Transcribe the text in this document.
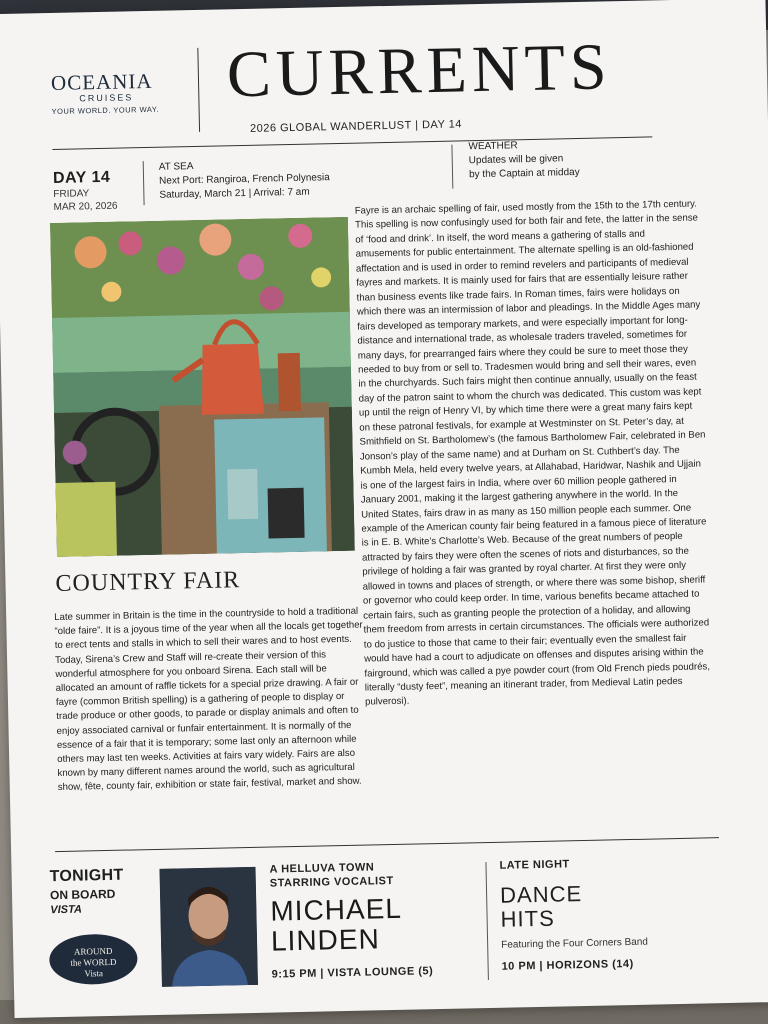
OCEANIA
CRUISES
YOUR WORLD. YOUR WAY. CURRENTS
2026 GLOBAL WANDERLUST | DAY 14
DAY 14
FRIDAY
MAR 20, 2026
AT SEA
Next Port: Rangiroa, French Polynesia
Saturday, March 21 | Arrival: 7 am
WEATHER
Updates will be given
by the Captain at midday
COUNTRY FAIR
Late summer in Britain is the time in the countryside to hold a traditional “olde faire”. It is a joyous time of the year when all the locals get together to erect tents and stalls in which to sell their wares and to host events. Today, Sirena’s Crew and Staff will re-create their version of this wonderful atmosphere for you onboard Sirena. Each stall will be allocated an amount of raffle tickets for a special prize drawing. A fair or fayre (common British spelling) is a gathering of people to display or trade produce or other goods, to parade or display animals and often to enjoy associated carnival or funfair entertainment. It is normally of the essence of a fair that it is temporary; some last only an afternoon while others may last ten weeks. Activities at fairs vary widely. Fairs are also known by many different names around the world, such as agricultural show, fête, county fair, exhibition or state fair, festival, market and show.
Fayre is an archaic spelling of fair, used mostly from the 15th to the 17th century. This spelling is now confusingly used for both fair and fete, the latter in the sense of ‘food and drink’. In itself, the word means a gathering of stalls and amusements for public entertainment. The alternate spelling is an old-fashioned affectation and is used in order to remind revelers and participants of medieval fayres and markets. It is mainly used for fairs that are essentially leisure rather than business events like trade fairs. In Roman times, fairs were holidays on which there was an intermission of labor and pleadings. In the Middle Ages many fairs developed as temporary markets, and were especially important for long-distance and international trade, as wholesale traders traveled, sometimes for many days, for prearranged fairs where they could be sure to meet those they needed to buy from or sell to. Tradesmen would bring and sell their wares, even in the churchyards. Such fairs might then continue annually, usually on the feast day of the patron saint to whom the church was dedicated. This custom was kept up until the reign of Henry VI, by which time there were a great many fairs kept on these patronal festivals, for example at Westminster on St. Peter’s day, at Smithfield on St. Bartholomew’s (the famous Bartholomew Fair, celebrated in Ben Jonson’s play of the same name) and at Durham on St. Cuthbert’s day. The Kumbh Mela, held every twelve years, at Allahabad, Haridwar, Nashik and Ujjain is one of the largest fairs in India, where over 60 million people gathered in January 2001, making it the largest gathering anywhere in the world. In the United States, fairs draw in as many as 150 million people each summer. One example of the American county fair being featured in a famous piece of literature is in E. B. White’s Charlotte’s Web. Because of the great numbers of people attracted by fairs they were often the scenes of riots and disturbances, so the privilege of holding a fair was granted by royal charter. At first they were only allowed in towns and places of strength, or where there was some bishop, sheriff or governor who could keep order. In time, various benefits became attached to certain fairs, such as granting people the protection of a holiday, and allowing them freedom from arrests in certain circumstances. The officials were authorized to do justice to those that came to their fair; eventually even the smallest fair would have had a court to adjudicate on offenses and disputes arising within the fairground, which was called a pye powder court (from Old French pieds poudrés, literally “dusty feet”, meaning an itinerant trader, from Medieval Latin pedes pulverosi).
TONIGHT
ON BOARD
VISTA
AROUND
the WORLD
Vista
A HELLUVA TOWN
STARRING VOCALIST
MICHAEL
LINDEN
9:15 PM | VISTA LOUNGE (5)
LATE NIGHT
DANCE
HITS
Featuring the Four Corners Band
10 PM | HORIZONS (14)
